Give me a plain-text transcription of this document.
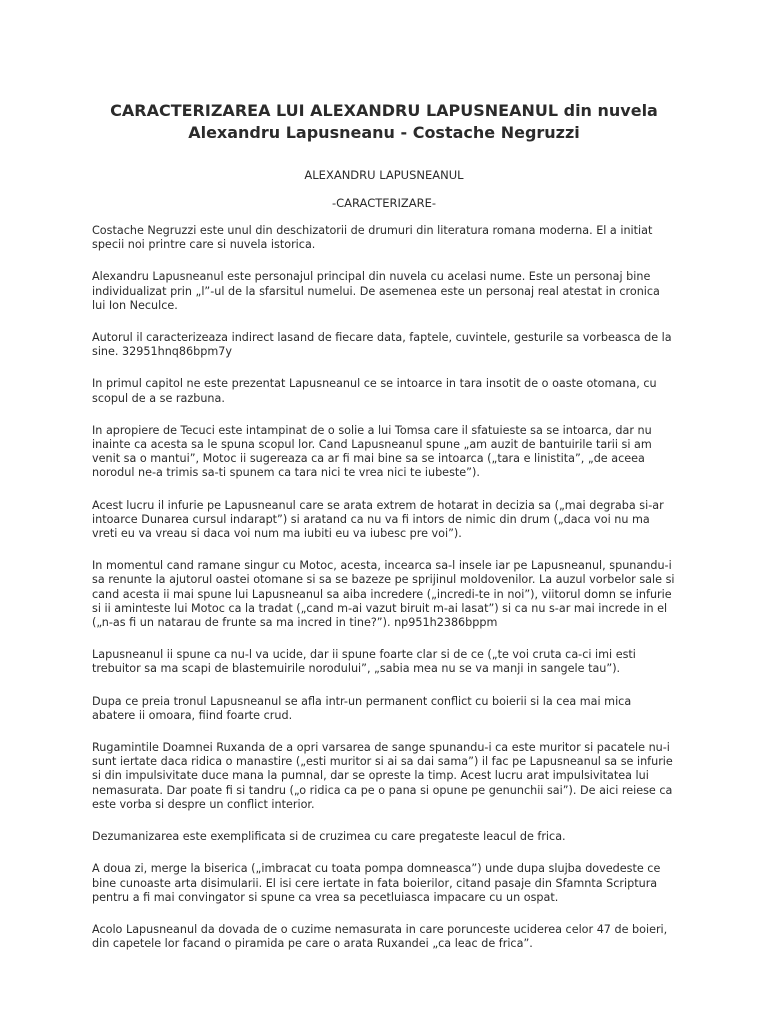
CARACTERIZAREA LUI ALEXANDRU LAPUSNEANUL din nuvela Alexandru Lapusneanu - Costache Negruzzi
ALEXANDRU LAPUSNEANUL
-CARACTERIZARE-

Costache Negruzzi este unul din deschizatorii de drumuri din literatura romana moderna. El a initiat specii noi printre care si nuvela istorica.

Alexandru Lapusneanul este personajul principal din nuvela cu acelasi nume. Este un personaj bine individualizat prin „l”-ul de la sfarsitul numelui. De asemenea este un personaj real atestat in cronica lui Ion Neculce.

Autorul il caracterizeaza indirect lasand de fiecare data, faptele, cuvintele, gesturile sa vorbeasca de la sine. 32951hnq86bpm7y

In primul capitol ne este prezentat Lapusneanul ce se intoarce in tara insotit de o oaste otomana, cu scopul de a se razbuna.

In apropiere de Tecuci este intampinat de o solie a lui Tomsa care il sfatuieste sa se intoarca, dar nu inainte ca acesta sa le spuna scopul lor. Cand Lapusneanul spune „am auzit de bantuirile tarii si am venit sa o mantui”, Motoc ii sugereaza ca ar fi mai bine sa se intoarca („tara e linistita”, „de aceea norodul ne-a trimis sa-ti spunem ca tara nici te vrea nici te iubeste”).

Acest lucru il infurie pe Lapusneanul care se arata extrem de hotarat in decizia sa („mai degraba si-ar intoarce Dunarea cursul indarapt”) si aratand ca nu va fi intors de nimic din drum („daca voi nu ma vreti eu va vreau si daca voi num ma iubiti eu va iubesc pre voi”).

In momentul cand ramane singur cu Motoc, acesta, incearca sa-l insele iar pe Lapusneanul, spunandu-i sa renunte la ajutorul oastei otomane si sa se bazeze pe sprijinul moldovenilor. La auzul vorbelor sale si cand acesta ii mai spune lui Lapusneanul sa aiba incredere („incredi-te in noi”), viitorul domn se infurie si ii aminteste lui Motoc ca la tradat („cand m-ai vazut biruit m-ai lasat”) si ca nu s-ar mai increde in el („n-as fi un natarau de frunte sa ma incred in tine?”). np951h2386bppm

Lapusneanul ii spune ca nu-l va ucide, dar ii spune foarte clar si de ce („te voi cruta ca-ci imi esti trebuitor sa ma scapi de blastemuirile norodului”, „sabia mea nu se va manji in sangele tau”).

Dupa ce preia tronul Lapusneanul se afla intr-un permanent conflict cu boierii si la cea mai mica abatere ii omoara, fiind foarte crud.

Rugamintile Doamnei Ruxanda de a opri varsarea de sange spunandu-i ca este muritor si pacatele nu-i sunt iertate daca ridica o manastire („esti muritor si ai sa dai sama”) il fac pe Lapusneanul sa se infurie si din impulsivitate duce mana la pumnal, dar se opreste la timp. Acest lucru arat impulsivitatea lui nemasurata. Dar poate fi si tandru („o ridica ca pe o pana si opune pe genunchii sai”). De aici reiese ca este vorba si despre un conflict interior.

Dezumanizarea este exemplificata si de cruzimea cu care pregateste leacul de frica.

A doua zi, merge la biserica („imbracat cu toata pompa domneasca”) unde dupa slujba dovedeste ce bine cunoaste arta disimularii. El isi cere iertate in fata boierilor, citand pasaje din Sfamnta Scriptura pentru a fi mai convingator si spune ca vrea sa pecetluiasca impacare cu un ospat.

Acolo Lapusneanul da dovada de o cuzime nemasurata in care porunceste uciderea celor 47 de boieri, din capetele lor facand o piramida pe care o arata Ruxandei „ca leac de frica”.
